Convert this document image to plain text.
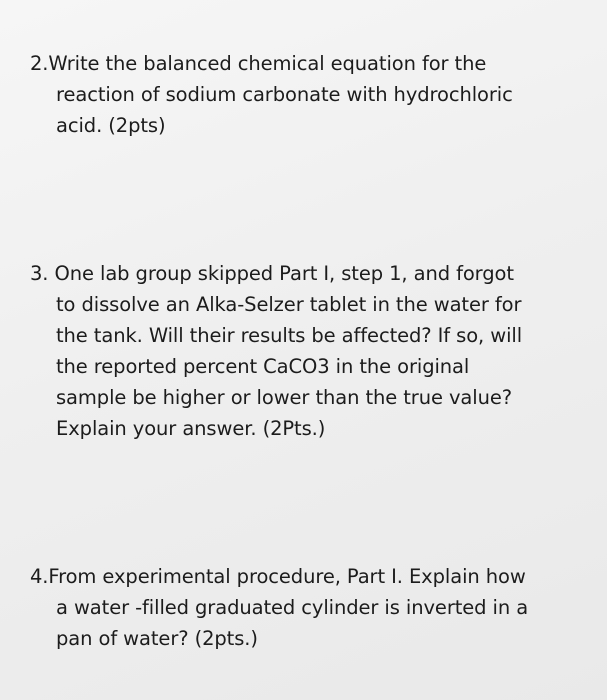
2.Write the balanced chemical equation for the
reaction of sodium carbonate with hydrochloric
acid. (2pts)
3. One lab group skipped Part I, step 1, and forgot
to dissolve an Alka-Selzer tablet in the water for
the tank. Will their results be affected? If so, will
the reported percent CaCO3 in the original
sample be higher or lower than the true value?
Explain your answer. (2Pts.)
4.From experimental procedure, Part I. Explain how
a water -filled graduated cylinder is inverted in a
pan of water? (2pts.)
